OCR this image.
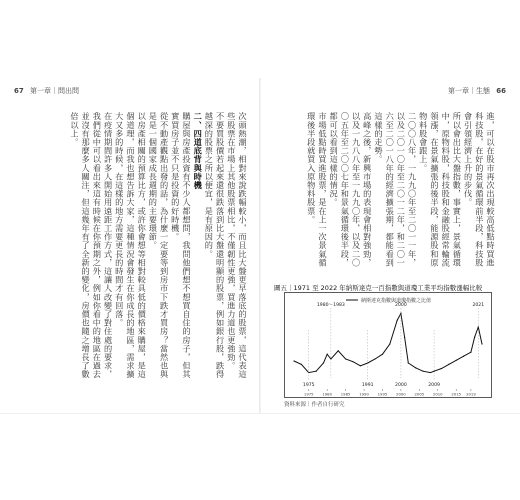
67 第一章｜問出問	第一章｜生態 66

次頭熱潮，相對來說跌幅較小，而且比大盤更早落底的股票，這代表這些股票在市場上其他股票相比，不僅韌性更強，買進力道也更強勁。

不要買股價若起來還很跌落到比大盤還明顯的股票，例如銀行股，跌得越深的股票之所以便宜，是有原因的。

二、四道底背與時機

購屋與房產投資有不少人都想問，我問他們想不想買自住的房子，但其實買房子並不只是投資的好時機。

從不動產觀點出發的話，為什麼一定要等到房市下跌才買房？當然也與是是一個國家成長週期的主要環節。

以房產相關的預算比方，或許你會想等相對較具低的價格來購屋，是這個道理，而我也想告訴大家，這種情況會發生在你成長的地區，需求擴大又多的時候，在這樣的地方需要更長的時間才有回落。

在疫情期間許多人開始用遠距工作方式，這讓人改變了對住處的要求，我們從中可以看出來這有時候在你預期之外，例如你看中的地區在過去並沒有那麼多人關注，但這幾年有了全新的變化，房價也隨之增長了數倍以上。	進，可以在股市再次出現較高低點時買進科技股，在好的景氣循環前半段，科技股會引領經濟上升的步伐。

所以會出比大盤指數，事實上，景氣循環中，原物料股，科技股和金融股經常輪流領漲，在景氣擴張的後半段，能源股和原物料股會跟上。

二〇〇八年，一九九〇年至二〇一一年，以及二〇一〇年至二〇一二年，和二〇一六至二〇一八年的經濟擴張期，都能看到這樣的走勢。

高峰之後，新興市場的表現會相對強勁，以及一九八八年至一九九〇年，以及二〇〇五年至二〇〇七年和景氣循環後半段，都可以看到這樣的情況。

市場低點時買進股票，是在上一次景氣循環後半段就買入原物料股票。

圖五｜1971 至 2022 年納斯達克一百指數與道瓊工業平均指數漲幅比較
納斯達克指數與道瓊指數之比值
1980～1983	2000	2021
1975	1991	2009
2000
1975 1980 1985 1990 1995 2000 2005 2010 2015 2019
資料來源｜作者自行研究
